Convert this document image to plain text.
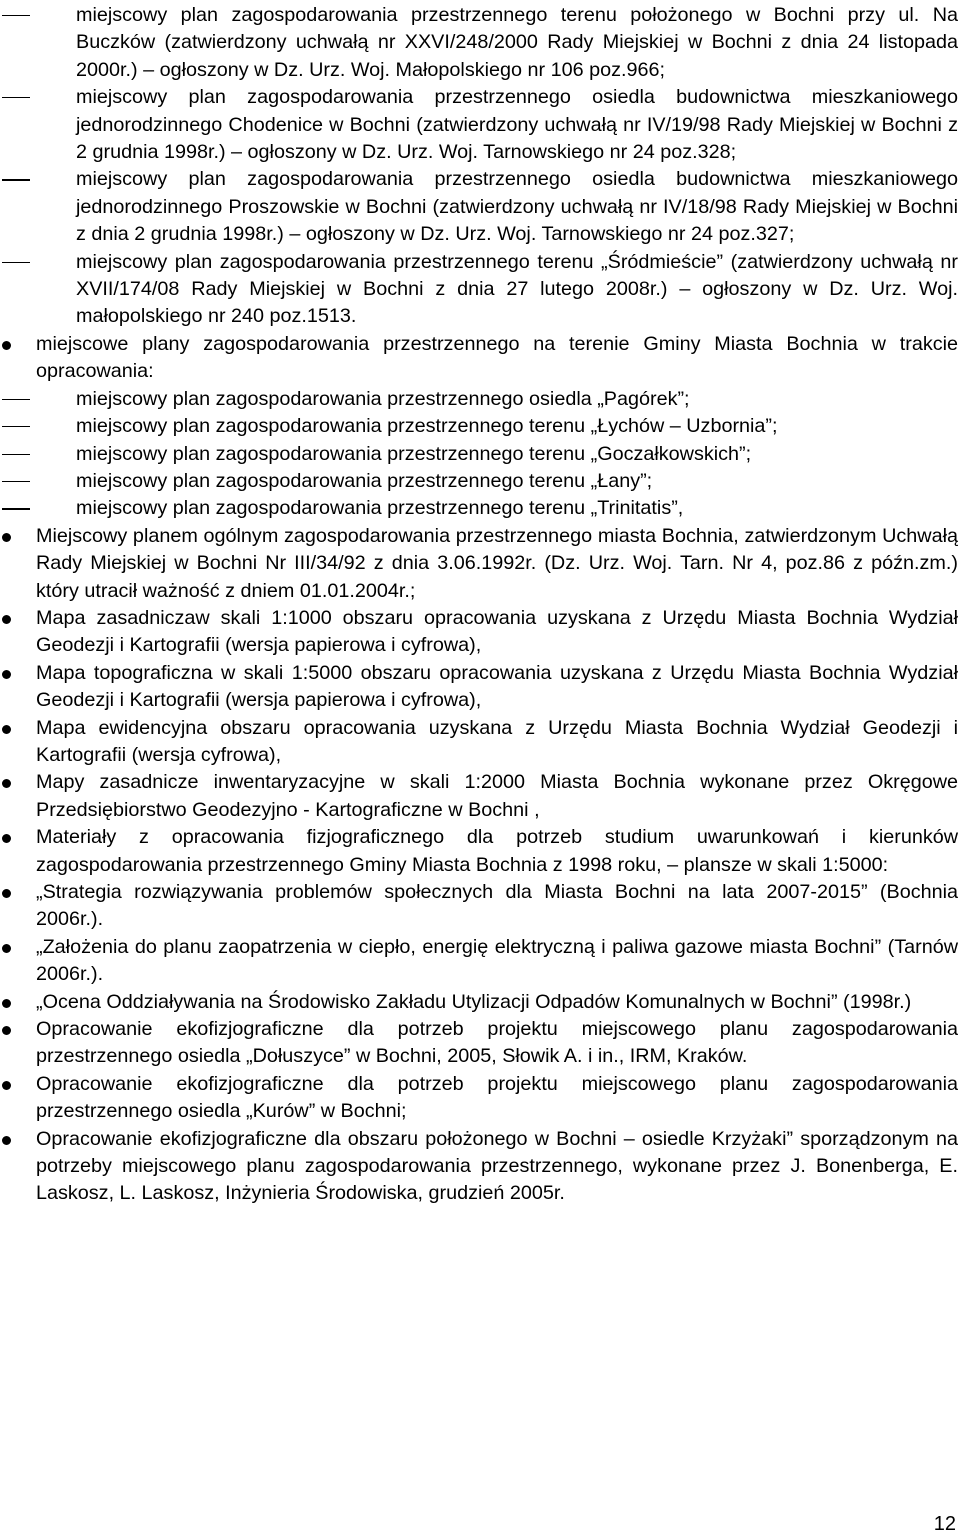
miejscowy plan zagospodarowania przestrzennego terenu położonego w Bochni przy ul. Na Buczków (zatwierdzony uchwałą nr XXVI/248/2000 Rady Miejskiej w Bochni z dnia 24 listopada 2000r.) – ogłoszony w Dz. Urz. Woj. Małopolskiego nr 106 poz.966;
miejscowy plan zagospodarowania przestrzennego osiedla budownictwa mieszkaniowego jednorodzinnego Chodenice w Bochni (zatwierdzony uchwałą nr IV/19/98 Rady Miejskiej w Bochni z 2 grudnia 1998r.) – ogłoszony w Dz. Urz. Woj. Tarnowskiego nr 24 poz.328;
miejscowy plan zagospodarowania przestrzennego osiedla budownictwa mieszkaniowego jednorodzinnego Proszowskie w Bochni (zatwierdzony uchwałą nr IV/18/98 Rady Miejskiej w Bochni z dnia 2 grudnia 1998r.) – ogłoszony w Dz. Urz. Woj. Tarnowskiego nr 24 poz.327;
miejscowy plan zagospodarowania przestrzennego terenu „Śródmieście” (zatwierdzony uchwałą nr XVII/174/08 Rady Miejskiej w Bochni z dnia 27 lutego 2008r.) – ogłoszony w Dz. Urz. Woj. małopolskiego nr 240 poz.1513.
miejscowe plany zagospodarowania przestrzennego na terenie Gminy Miasta Bochnia w trakcie opracowania:
miejscowy plan zagospodarowania przestrzennego osiedla „Pagórek”;
miejscowy plan zagospodarowania przestrzennego terenu „Łychów – Uzbornia”;
miejscowy plan zagospodarowania przestrzennego terenu „Goczałkowskich”;
miejscowy plan zagospodarowania przestrzennego terenu „Łany”;
miejscowy plan zagospodarowania przestrzennego terenu „Trinitatis”,
Miejscowy planem ogólnym zagospodarowania przestrzennego miasta Bochnia, zatwierdzonym Uchwałą Rady Miejskiej w Bochni Nr III/34/92 z dnia 3.06.1992r. (Dz. Urz. Woj. Tarn. Nr 4, poz.86 z późn.zm.) który utracił ważność z dniem 01.01.2004r.;
Mapa zasadniczaw skali 1:1000 obszaru opracowania uzyskana z Urzędu Miasta Bochnia Wydział Geodezji i Kartografii (wersja papierowa i cyfrowa),
Mapa topograficzna w skali 1:5000 obszaru opracowania uzyskana z Urzędu Miasta Bochnia Wydział Geodezji i Kartografii (wersja papierowa i cyfrowa),
Mapa ewidencyjna obszaru opracowania uzyskana z Urzędu Miasta Bochnia Wydział Geodezji i Kartografii (wersja cyfrowa),
Mapy zasadnicze inwentaryzacyjne w skali 1:2000 Miasta Bochnia wykonane przez Okręgowe Przedsiębiorstwo Geodezyjno - Kartograficzne w Bochni ,
Materiały z opracowania fizjograficznego dla potrzeb studium uwarunkowań i kierunków zagospodarowania przestrzennego Gminy Miasta Bochnia z 1998 roku, – plansze w skali 1:5000:
„Strategia rozwiązywania problemów społecznych dla Miasta Bochni na lata 2007-2015” (Bochnia 2006r.).
„Założenia do planu zaopatrzenia w ciepło, energię elektryczną i paliwa gazowe miasta Bochni” (Tarnów 2006r.).
„Ocena Oddziaływania na Środowisko Zakładu Utylizacji Odpadów Komunalnych w Bochni” (1998r.)
Opracowanie ekofizjograficzne dla potrzeb projektu miejscowego planu zagospodarowania przestrzennego osiedla „Dołuszyce” w Bochni, 2005, Słowik A. i in., IRM, Kraków.
Opracowanie ekofizjograficzne dla potrzeb projektu miejscowego planu zagospodarowania przestrzennego osiedla „Kurów” w Bochni;
Opracowanie ekofizjograficzne dla obszaru położonego w Bochni – osiedle Krzyżaki” sporządzonym na potrzeby miejscowego planu zagospodarowania przestrzennego, wykonane przez J. Bonenberga, E. Laskosz, L. Laskosz, Inżynieria Środowiska, grudzień 2005r.
12
